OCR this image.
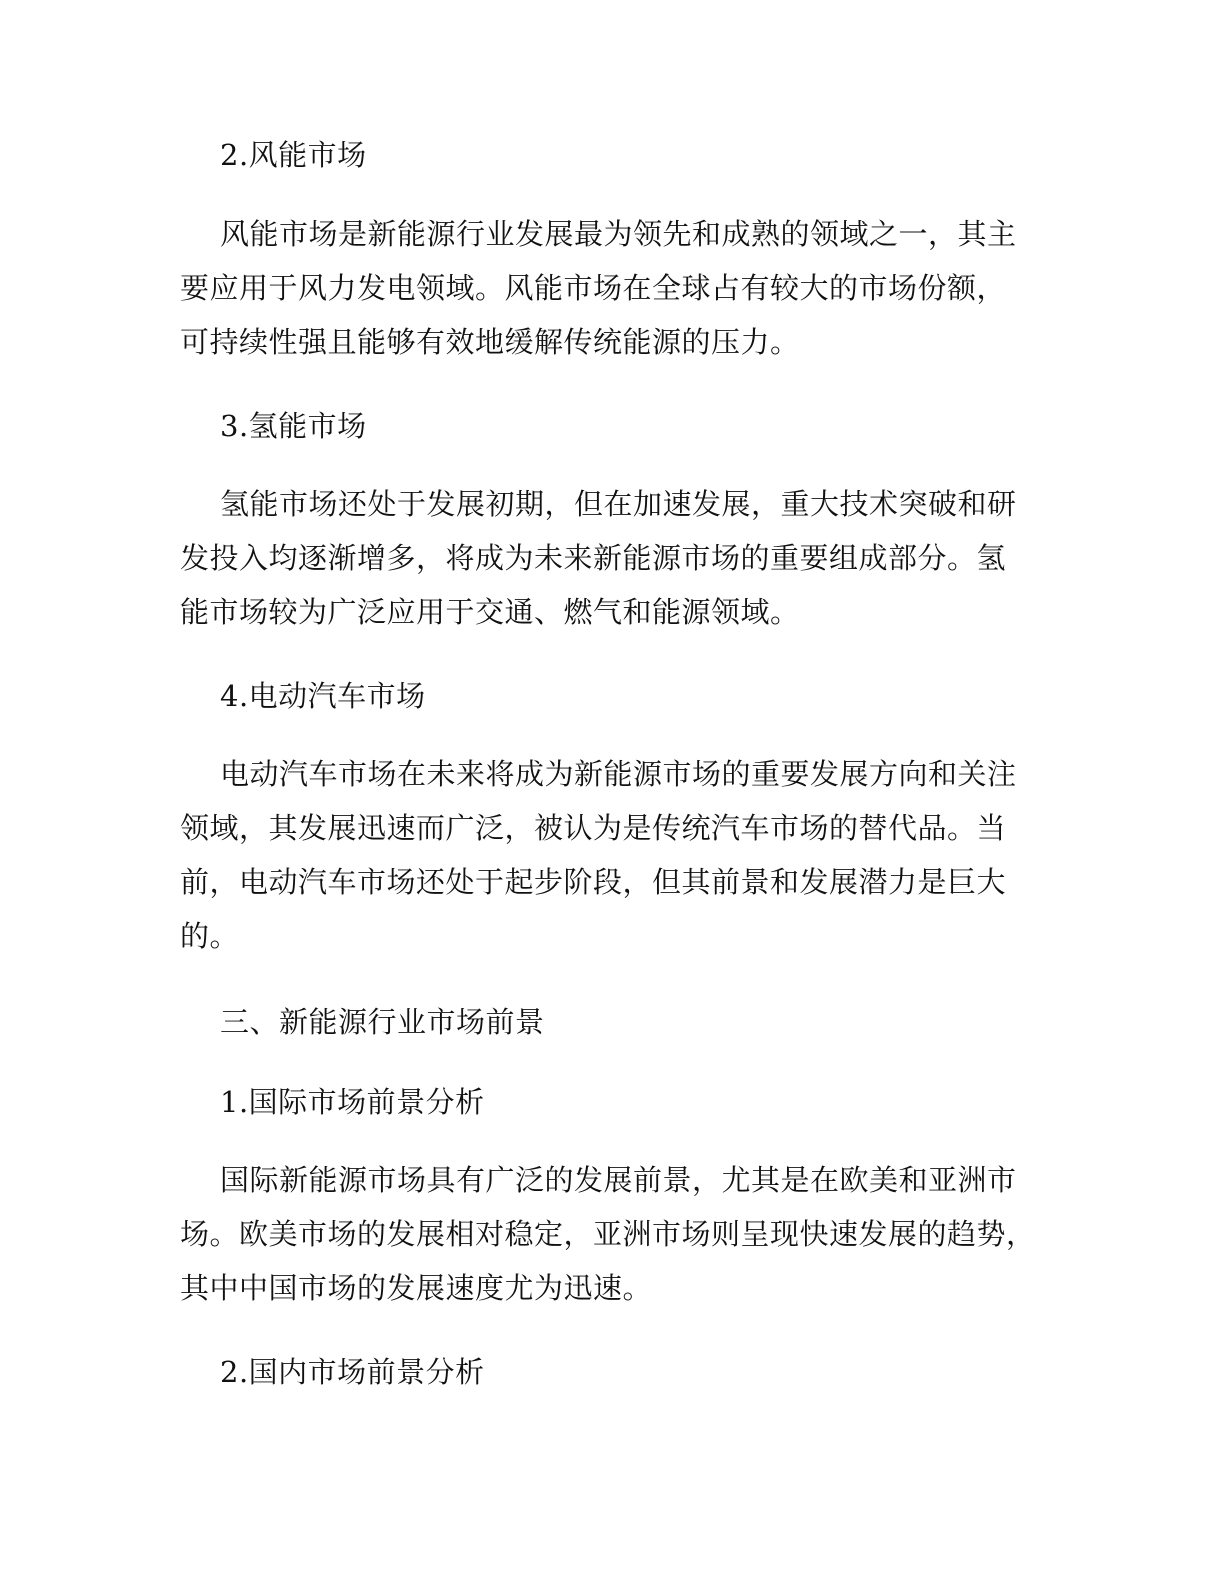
2.风能市场

风能市场是新能源行业发展最为领先和成熟的领域之一，其主

要应用于风力发电领域。风能市场在全球占有较大的市场份额，

可持续性强且能够有效地缓解传统能源的压力。

3.氢能市场

氢能市场还处于发展初期，但在加速发展，重大技术突破和研

发投入均逐渐增多，将成为未来新能源市场的重要组成部分。氢

能市场较为广泛应用于交通、燃气和能源领域。

4.电动汽车市场

电动汽车市场在未来将成为新能源市场的重要发展方向和关注

领域，其发展迅速而广泛，被认为是传统汽车市场的替代品。当

前，电动汽车市场还处于起步阶段，但其前景和发展潜力是巨大

的。

三、新能源行业市场前景

1.国际市场前景分析

国际新能源市场具有广泛的发展前景，尤其是在欧美和亚洲市

场。欧美市场的发展相对稳定，亚洲市场则呈现快速发展的趋势，

其中中国市场的发展速度尤为迅速。

2.国内市场前景分析
